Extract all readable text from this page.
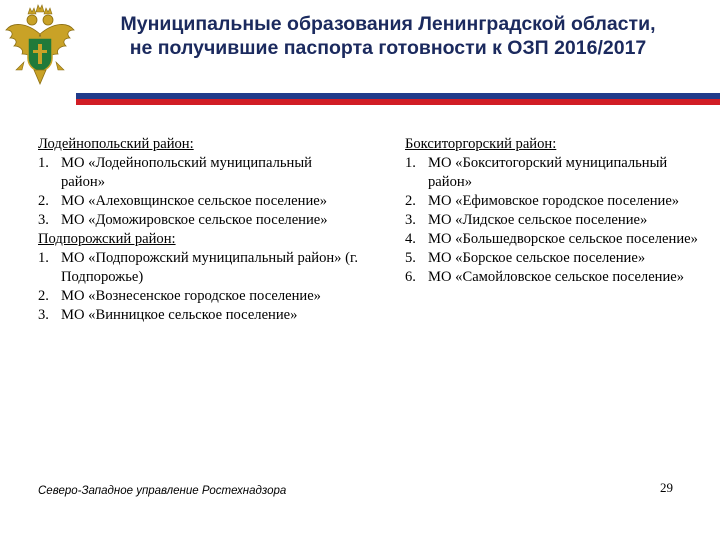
Муниципальные образования Ленинградской области,
не получившие паспорта готовности к ОЗП 2016/2017
Лодейнопольский район:
1. МО «Лодейнопольский муниципальный район»
2. МО «Алеховщинское сельское поселение»
3. МО «Доможировское сельское поселение»
Подпорожский район:
1. МО «Подпорожский муниципальный район» (г. Подпорожье)
2. МО «Вознесенское городское поселение»
3. МО «Винницкое сельское поселение»
Бокситоргорский район:
1. МО «Бокситогорский муниципальный район»
2. МО «Ефимовское городское поселение»
3. МО «Лидское сельское поселение»
4. МО «Большедворское сельское поселение»
5. МО «Борское сельское поселение»
6. МО «Самойловское сельское поселение»
Северо-Западное управление Ростехнадзора	29
